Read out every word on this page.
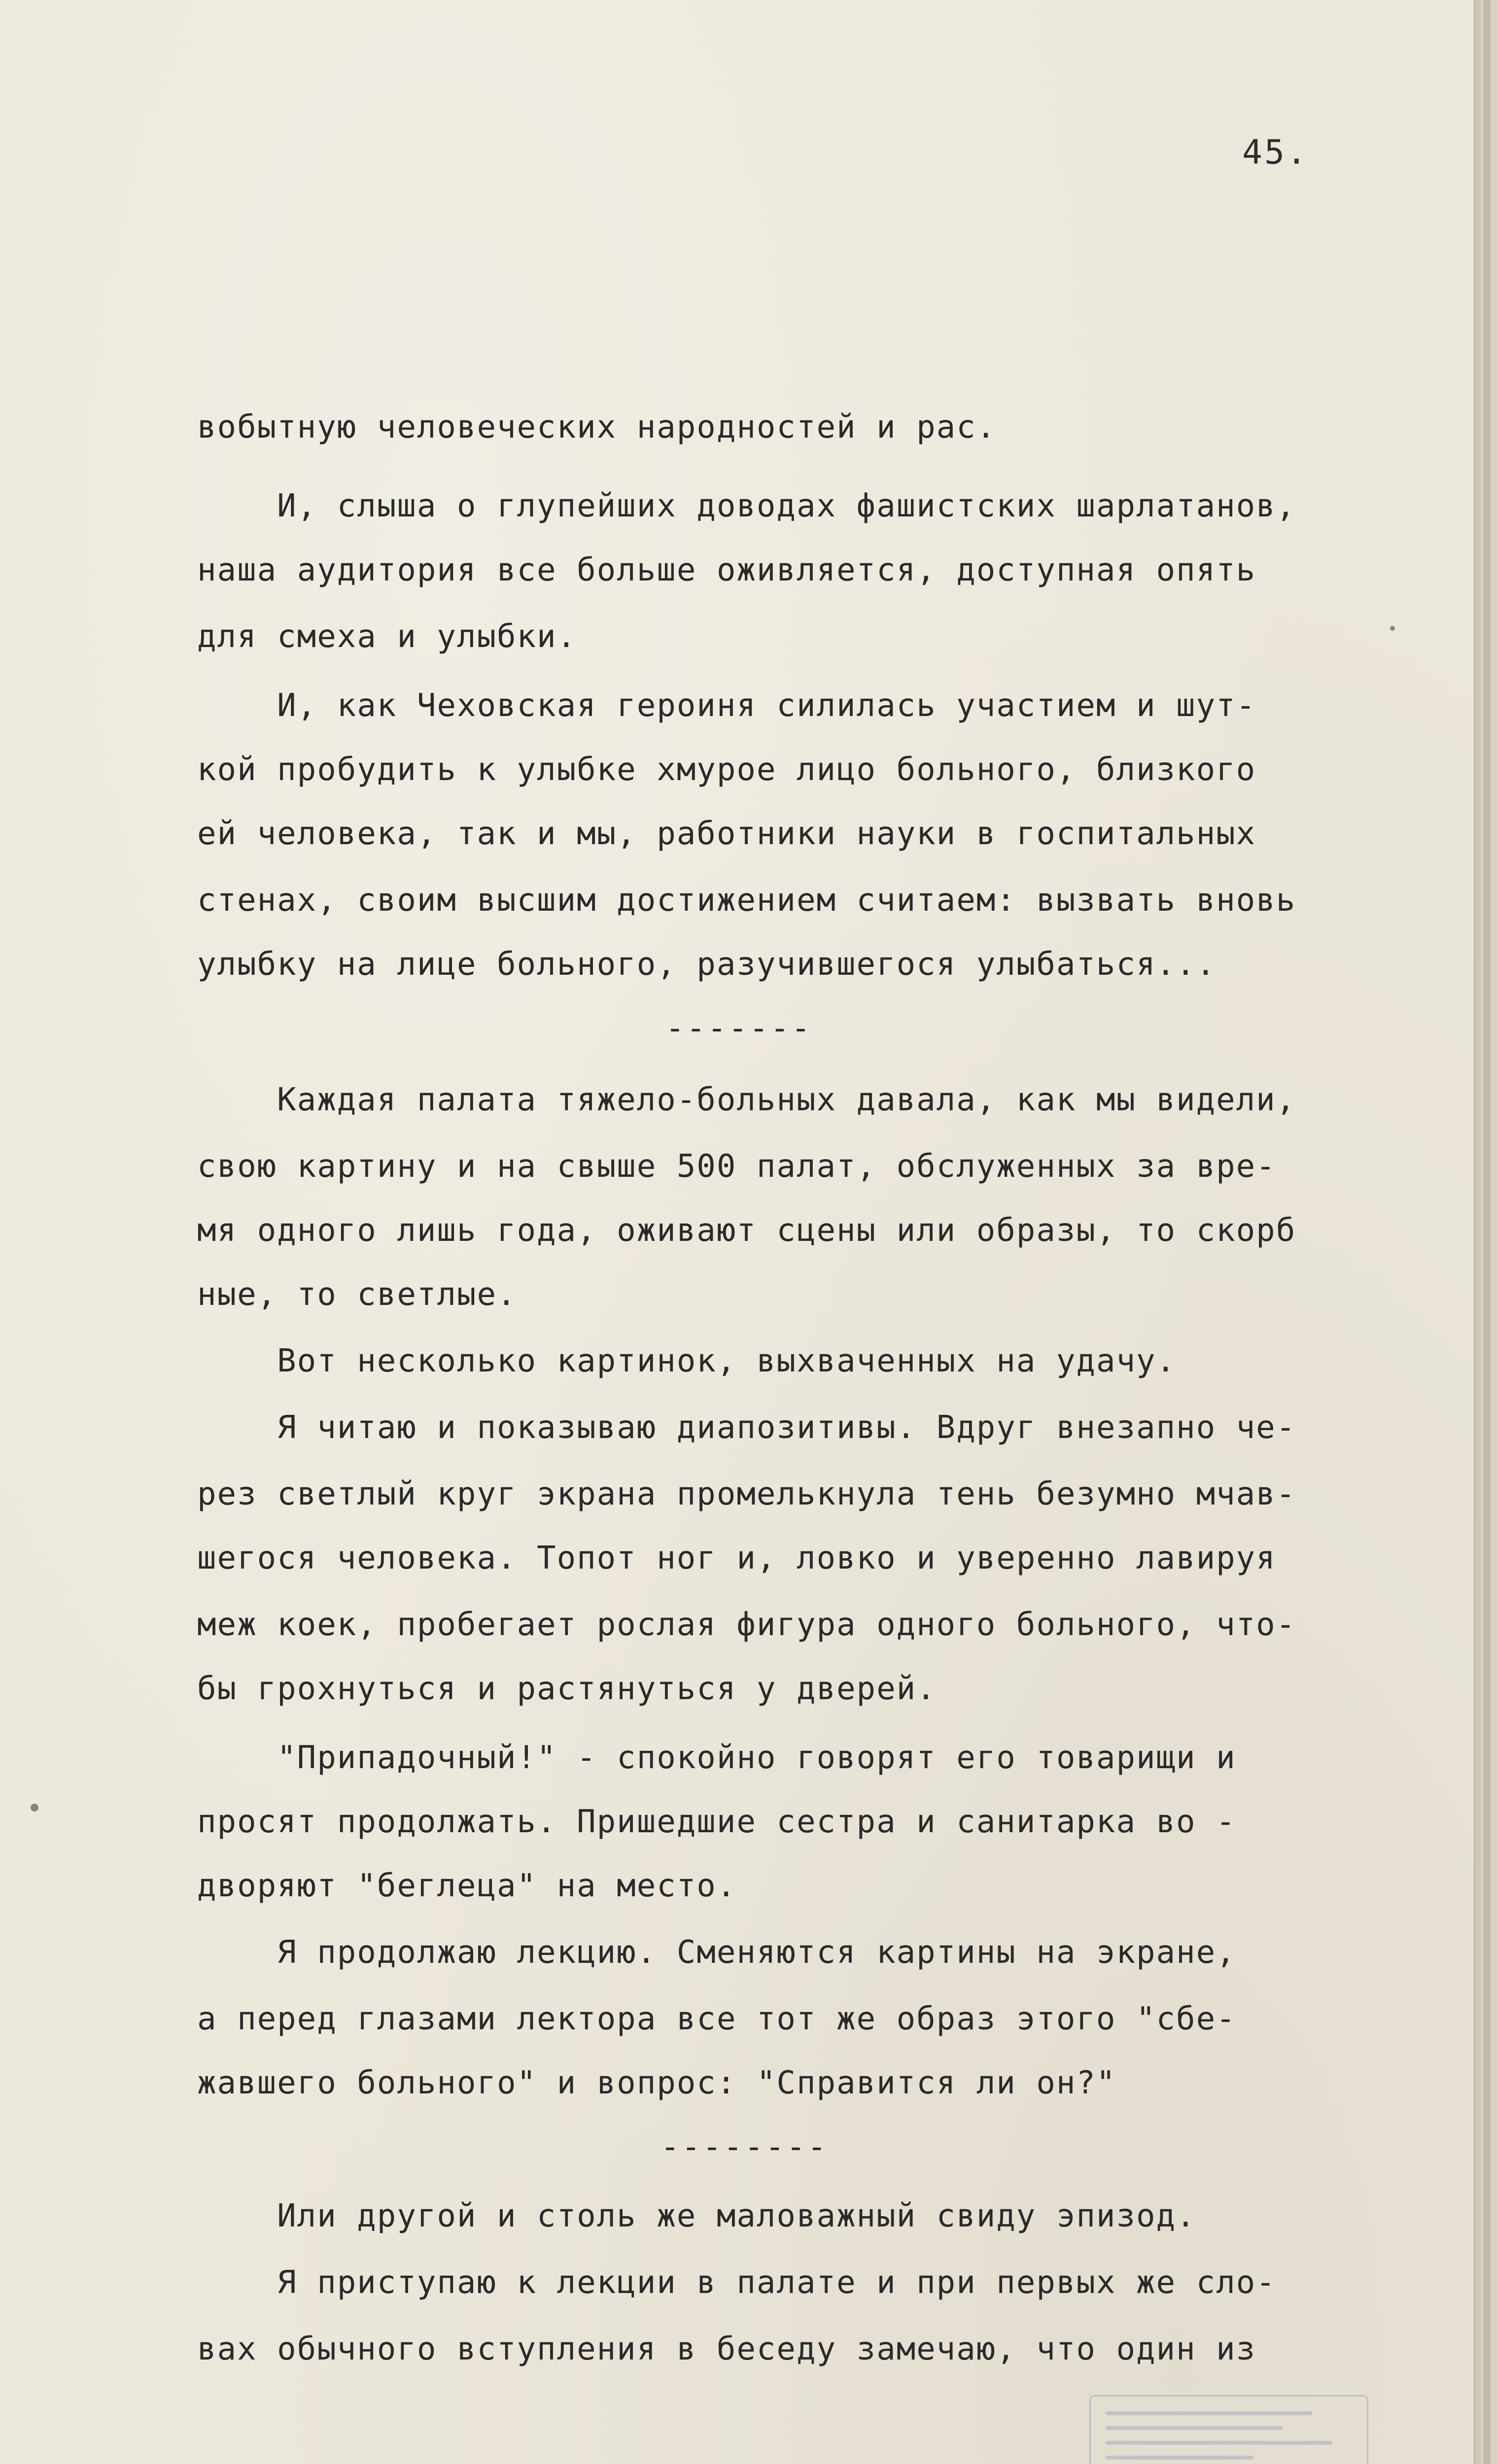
45.
вобытную человеческих народностей и рас.
И, слыша о глупейших доводах фашистских шарлатанов,
наша аудитория все больше оживляется, доступная опять
для смеха и улыбки.
И, как Чеховская героиня силилась участием и шут-
кой пробудить к улыбке хмурое лицо больного, близкого
ей человека, так и мы, работники науки в госпитальных
стенах, своим высшим достижением считаем: вызвать вновь
улыбку на лице больного, разучившегося улыбаться...
-------
Каждая палата тяжело-больных давала, как мы видели,
свою картину и на свыше 500 палат, обслуженных за вре-
мя одного лишь года, оживают сцены или образы, то скорб
ные, то светлые.
Вот несколько картинок, выхваченных на удачу.
Я читаю и показываю диапозитивы. Вдруг внезапно че-
рез светлый круг экрана промелькнула тень безумно мчав-
шегося человека. Топот ног и, ловко и уверенно лавируя
меж коек, пробегает рослая фигура одного больного, что-
бы грохнуться и растянуться у дверей.
"Припадочный!" - спокойно говорят его товарищи и
просят продолжать. Пришедшие сестра и санитарка во -
дворяют "беглеца" на место.
Я продолжаю лекцию. Сменяются картины на экране,
а перед глазами лектора все тот же образ этого "сбе-
жавшего больного" и вопрос: "Справится ли он?"
--------
Или другой и столь же маловажный свиду эпизод.
Я приступаю к лекции в палате и при первых же сло-
вах обычного вступления в беседу замечаю, что один из
